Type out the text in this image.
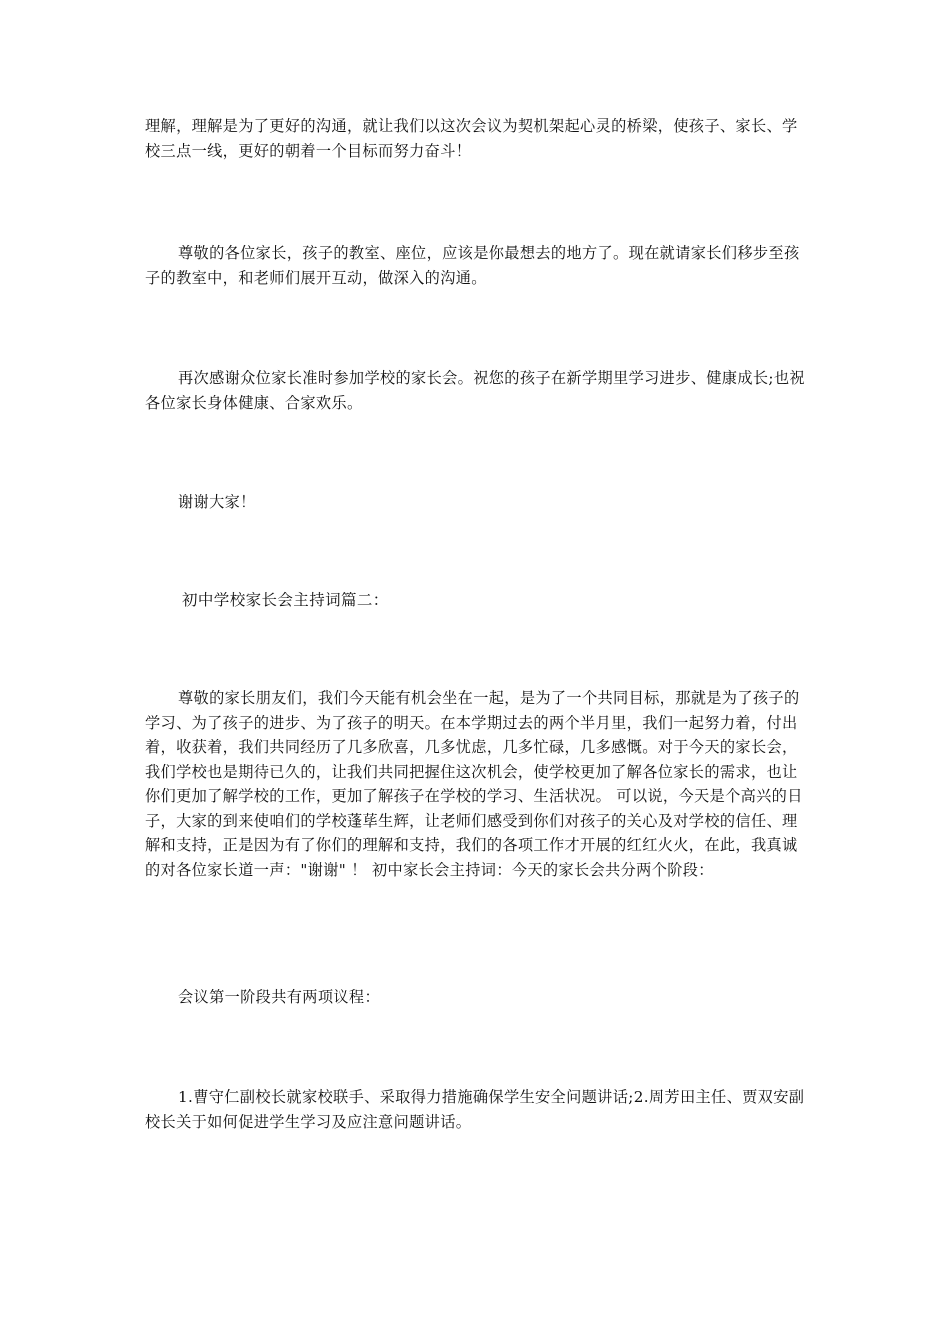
理解，理解是为了更好的沟通，就让我们以这次会议为契机架起心灵的桥梁，使孩子、家长、学校三点一线，更好的朝着一个目标而努力奋斗！

尊敬的各位家长，孩子的教室、座位，应该是你最想去的地方了。现在就请家长们移步至孩子的教室中，和老师们展开互动，做深入的沟通。

再次感谢众位家长准时参加学校的家长会。祝您的孩子在新学期里学习进步、健康成长;也祝各位家长身体健康、合家欢乐。

谢谢大家！

初中学校家长会主持词篇二：

尊敬的家长朋友们，我们今天能有机会坐在一起，是为了一个共同目标，那就是为了孩子的学习、为了孩子的进步、为了孩子的明天。在本学期过去的两个半月里，我们一起努力着，付出着，收获着，我们共同经历了几多欣喜，几多忧虑，几多忙碌，几多感慨。对于今天的家长会，我们学校也是期待已久的，让我们共同把握住这次机会，使学校更加了解各位家长的需求，也让你们更加了解学校的工作，更加了解孩子在学校的学习、生活状况。 可以说，今天是个高兴的日子，大家的到来使咱们的学校蓬荜生辉，让老师们感受到你们对孩子的关心及对学校的信任、理解和支持，正是因为有了你们的理解和支持，我们的各项工作才开展的红红火火，在此，我真诚的对各位家长道一声："谢谢" ！ 初中家长会主持词：今天的家长会共分两个阶段：

会议第一阶段共有两项议程：

1.曹守仁副校长就家校联手、采取得力措施确保学生安全问题讲话;2.周芳田主任、贾双安副校长关于如何促进学生学习及应注意问题讲话。
